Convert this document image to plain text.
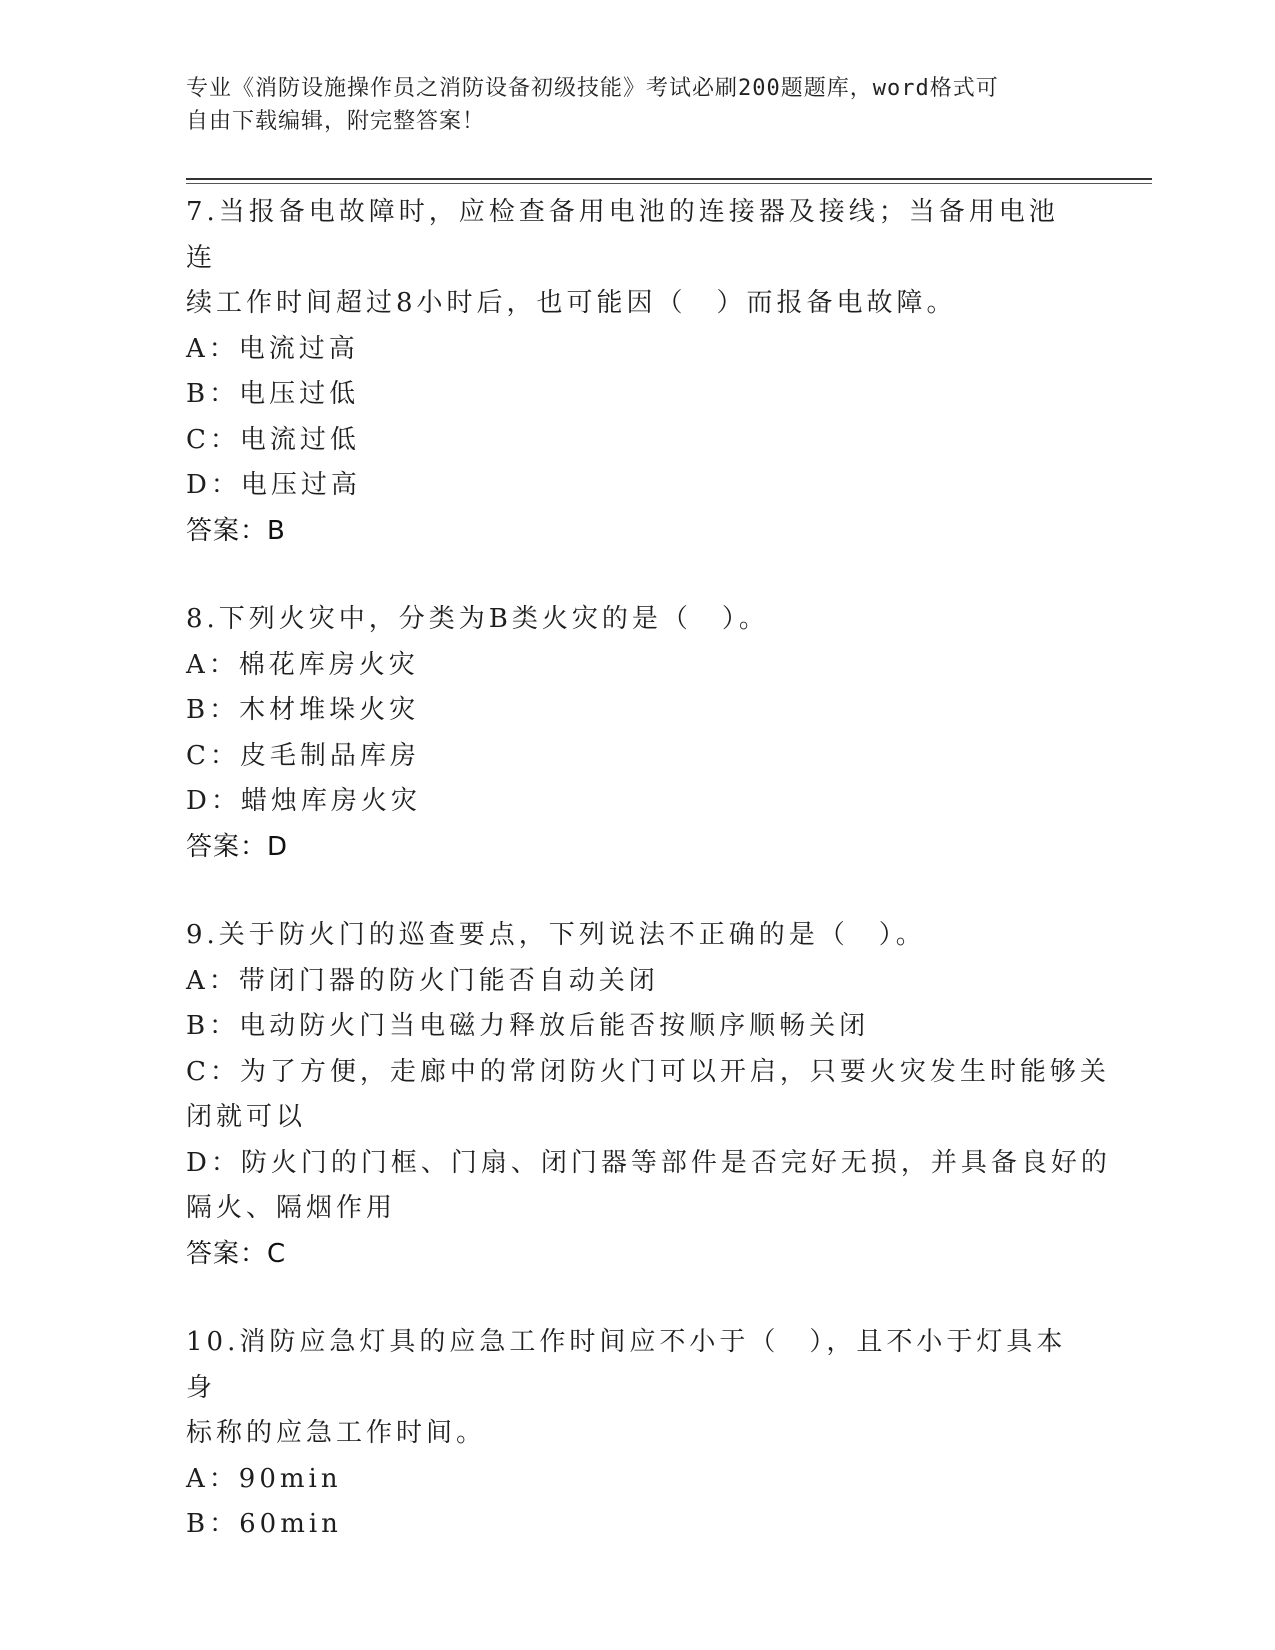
专业《消防设施操作员之消防设备初级技能》考试必刷200题题库，word格式可
自由下载编辑，附完整答案！
7.当报备电故障时，应检查备用电池的连接器及接线；当备用电池连
续工作时间超过8小时后，也可能因（　）而报备电故障。
A：电流过高
B：电压过低
C：电流过低
D：电压过高
答案：B
8.下列火灾中，分类为B类火灾的是（　）。
A：棉花库房火灾
B：木材堆垛火灾
C：皮毛制品库房
D：蜡烛库房火灾
答案：D
9.关于防火门的巡查要点，下列说法不正确的是（　）。
A：带闭门器的防火门能否自动关闭
B：电动防火门当电磁力释放后能否按顺序顺畅关闭
C：为了方便，走廊中的常闭防火门可以开启，只要火灾发生时能够关
闭就可以
D：防火门的门框、门扇、闭门器等部件是否完好无损，并具备良好的
隔火、隔烟作用
答案：C
10.消防应急灯具的应急工作时间应不小于（　），且不小于灯具本身
标称的应急工作时间。
A：90min
B：60min
